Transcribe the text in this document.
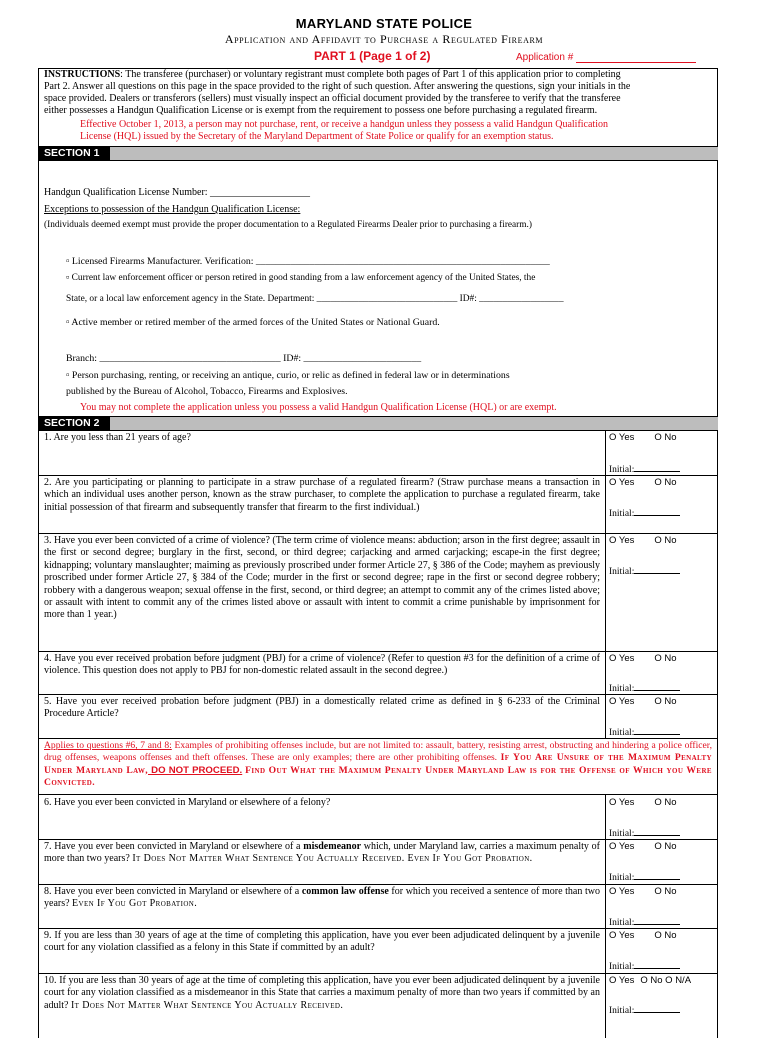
MARYLAND STATE POLICE
Application and Affidavit to Purchase a Regulated Firearm
PART 1 (Page 1 of 2)	Application #
INSTRUCTIONS: The transferee (purchaser) or voluntary registrant must complete both pages of Part 1 of this application prior to completing
Part 2. Answer all questions on this page in the space provided to the right of such question. After answering the questions, sign your initials in the
space provided. Dealers or transferors (sellers) must visually inspect an official document provided by the transferee to verify that the transferee
either possesses a Handgun Qualification License or is exempt from the requirement to possess one before purchasing a regulated firearm.
Effective October 1, 2013, a person may not purchase, rent, or receive a handgun unless they possess a valid Handgun Qualification
License (HQL) issued by the Secretary of the Maryland Department of State Police or qualify for an exemption status.
SECTION 1
Handgun Qualification License Number: ____________________
Exceptions to possession of the Handgun Qualification License:
(Individuals deemed exempt must provide the proper documentation to a Regulated Firearms Dealer prior to purchasing a firearm.)
▫ Licensed Firearms Manufacturer. Verification: ____________________________________________________________
▫ Current law enforcement officer or person retired in good standing from a law enforcement agency of the United States, the
State, or a local law enforcement agency in the State. Department: ______________________________ ID#: __________________
▫ Active member or retired member of the armed forces of the United States or National Guard.
Branch: _____________________________________ ID#: ________________________
▫ Person purchasing, renting, or receiving an antique, curio, or relic as defined in federal law or in determinations
published by the Bureau of Alcohol, Tobacco, Firearms and Explosives.
You may not complete the application unless you possess a valid Handgun Qualification License (HQL) or are exempt.
SECTION 2
1. Are you less than 21 years of age?	O Yes O No
Initial:
2. Are you participating or planning to participate in a straw purchase of a regulated firearm? (Straw purchase means a transaction in which an individual uses another person, known as the straw purchaser, to complete the application to purchase a regulated firearm, take initial possession of that firearm and subsequently transfer that firearm to the first individual.)
O Yes O No
Initial:
3. Have you ever been convicted of a crime of violence? (The term crime of violence means: abduction; arson in the first degree; assault in the first or second degree; burglary in the first, second, or third degree; carjacking and armed carjacking; escape-in the first degree; kidnapping; voluntary manslaughter; maiming as previously proscribed under former Article 27, § 386 of the Code; mayhem as previously proscribed under former Article 27, § 384 of the Code; murder in the first or second degree; rape in the first or second degree robbery; robbery with a dangerous weapon; sexual offense in the first, second, or third degree; an attempt to commit any of the crimes listed above; or assault with intent to commit any of the crimes listed above or assault with intent to commit a crime punishable by imprisonment for more than 1 year.)
O Yes O No
Initial:
4. Have you ever received probation before judgment (PBJ) for a crime of violence? (Refer to question #3 for the definition of a crime of violence. This question does not apply to PBJ for non-domestic related assault in the second degree.)
O Yes O No
Initial:
5. Have you ever received probation before judgment (PBJ) in a domestically related crime as defined in § 6-233 of the Criminal Procedure Article?
O Yes O No
Initial:
Applies to questions #6, 7 and 8: Examples of prohibiting offenses include, but are not limited to: assault, battery, resisting arrest, obstructing and hindering a police officer, drug offenses, weapons offenses and theft offenses. These are only examples; there are other prohibiting offenses. If You Are Unsure of the Maximum Penalty Under Maryland Law, DO NOT PROCEED. Find Out What the Maximum Penalty Under Maryland Law is for the Offense of Which you Were Convicted.
6. Have you ever been convicted in Maryland or elsewhere of a felony?	O Yes O No
Initial:
7. Have you ever been convicted in Maryland or elsewhere of a misdemeanor which, under Maryland law, carries a maximum penalty of more than two years? It Does Not Matter What Sentence You Actually Received. Even If You Got Probation.
O Yes O No
Initial:
8. Have you ever been convicted in Maryland or elsewhere of a common law offense for which you received a sentence of more than two years? Even If You Got Probation.
O Yes O No
Initial:
9. If you are less than 30 years of age at the time of completing this application, have you ever been adjudicated delinquent by a juvenile court for any violation classified as a felony in this State if committed by an adult?
O Yes O No
Initial:
10. If you are less than 30 years of age at the time of completing this application, have you ever been adjudicated delinquent by a juvenile court for any violation classified as a misdemeanor in this State that carries a maximum penalty of more than two years if committed by an adult? It Does Not Matter What Sentence You Actually Received.
O Yes O No O N/A
Initial:
